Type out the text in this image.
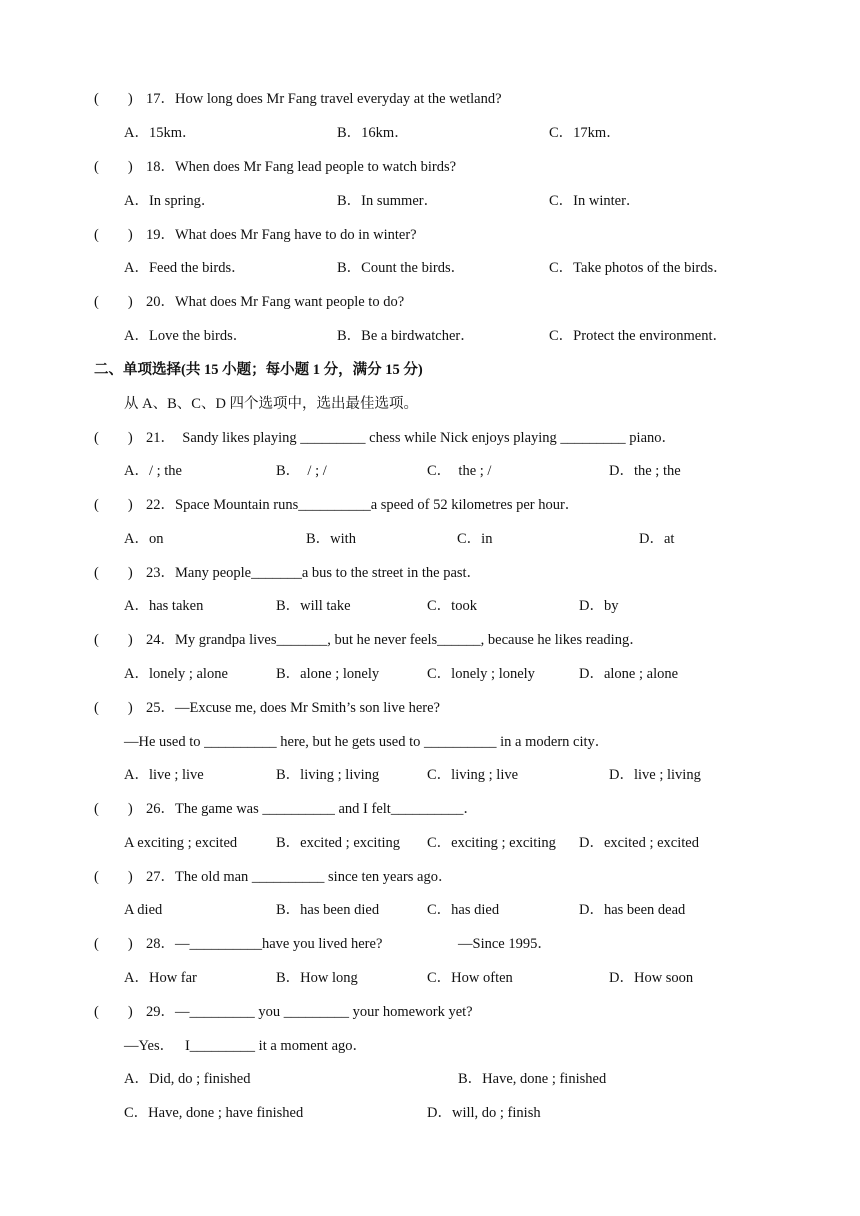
(        ) 17．How long does Mr Fang travel everyday at the wetland?
A．15km．	B．16km．	C．17km．
(        ) 18．When does Mr Fang lead people to watch birds?
A．In spring．	B．In summer．	C．In winter．
(        ) 19．What does Mr Fang have to do in winter?
A．Feed the birds．	B．Count the birds．	C．Take photos of the birds．
(        ) 20．What does Mr Fang want people to do?
A．Love the birds．	B．Be a birdwatcher．	C．Protect the environment．
二、单项选择(共 15 小题；每小题 1 分，满分 15 分)
从 A、B、C、D 四个选项中，选出最佳选项。
(        ) 21．  Sandy likes playing _________ chess while Nick enjoys playing _________ piano．
A．/ ; the	B．  / ; /	C．  the ; /	D．the ; the
(        ) 22．Space Mountain runs__________a speed of 52 kilometres per hour．
A．on	B．with	C．in	D．at
(        ) 23．Many people_______a bus to the street in the past．
A．has taken	B．will take	C．took	D．by
(        ) 24．My grandpa lives_______, but he never feels______, because he likes reading．
A．lonely ; alone	B．alone ; lonely	C．lonely ; lonely	D．alone ; alone
(        ) 25．—Excuse me, does Mr Smith’s son live here?
—He used to __________ here, but he gets used to __________ in a modern city．
A．live ; live	B．living ; living	C．living ; live	D．live ; living
(        ) 26．The game was __________ and I felt__________．
A exciting ; excited	B．excited ; exciting C．exciting ; exciting D．excited ; excited
(        ) 27．The old man __________ since ten years ago．
A died	B．has been died	C．has died	D．has been dead
(        ) 28．—__________have you lived here?	—Since 1995．
A．How far	B．How long	C．How often	D．How soon
(        ) 29．—_________ you _________ your homework yet?
—Yes．   I_________ it a moment ago．
A．Did, do ; finished	B．Have, done ; finished
C．Have, done ; have finished	D．will, do ; finish
